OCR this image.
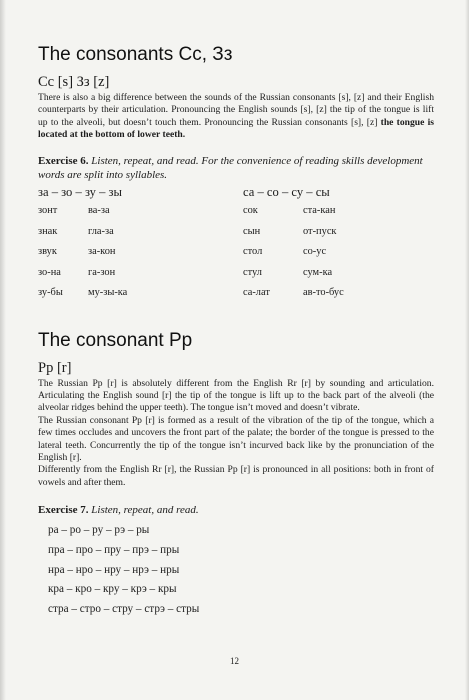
The consonants Cc, Зз
Cc [s] Зз [z]

There is also a big difference between the sounds of the Russian consonants [s], [z] and their English counterparts by their articulation. Pronouncing the English sounds [s], [z] the tip of the tongue is lift up to the alveoli, but doesn’t touch them. Pronouncing the Russian consonants [s], [z] the tongue is located at the bottom of lower teeth.

Exercise 6. Listen, repeat, and read. For the convenience of reading skills development words are split into syllables.
за – зо – зу – зы
зонт	ва-за
знак	гла-за
звук	за-кон
зо-на	га-зон
зу-бы	му-зы-ка
са – со – су – сы
сок	ста-кан
сын	от-пуск
стол	со-ус
стул	сум-ка
са-лат	ав-то-бус
The consonant Рр
Рр [r]

The Russian Pp [r] is absolutely different from the English Rr [r] by sounding and articulation. Articulating the English sound [r] the tip of the tongue is lift up to the back part of the alveoli (the alveolar ridges behind the upper teeth). The tongue isn’t moved and doesn’t vibrate.

The Russian consonant Pp [r] is formed as a result of the vibration of the tip of the tongue, which a few times occludes and uncovers the front part of the palate; the border of the tongue is pressed to the lateral teeth. Concurrently the tip of the tongue isn’t incurved back like by the pronunciation of the English [r].

Differently from the English Rr [r], the Russian Pp [r] is pronounced in all positions: both in front of vowels and after them.

Exercise 7. Listen, repeat, and read.
ра – ро – ру – рэ – ры
пра – про – пру – прэ – пры
нра – нро – нру – нрэ – нры
кра – кро – кру – крэ – кры
стра – стро – стру – стрэ – стры
12
